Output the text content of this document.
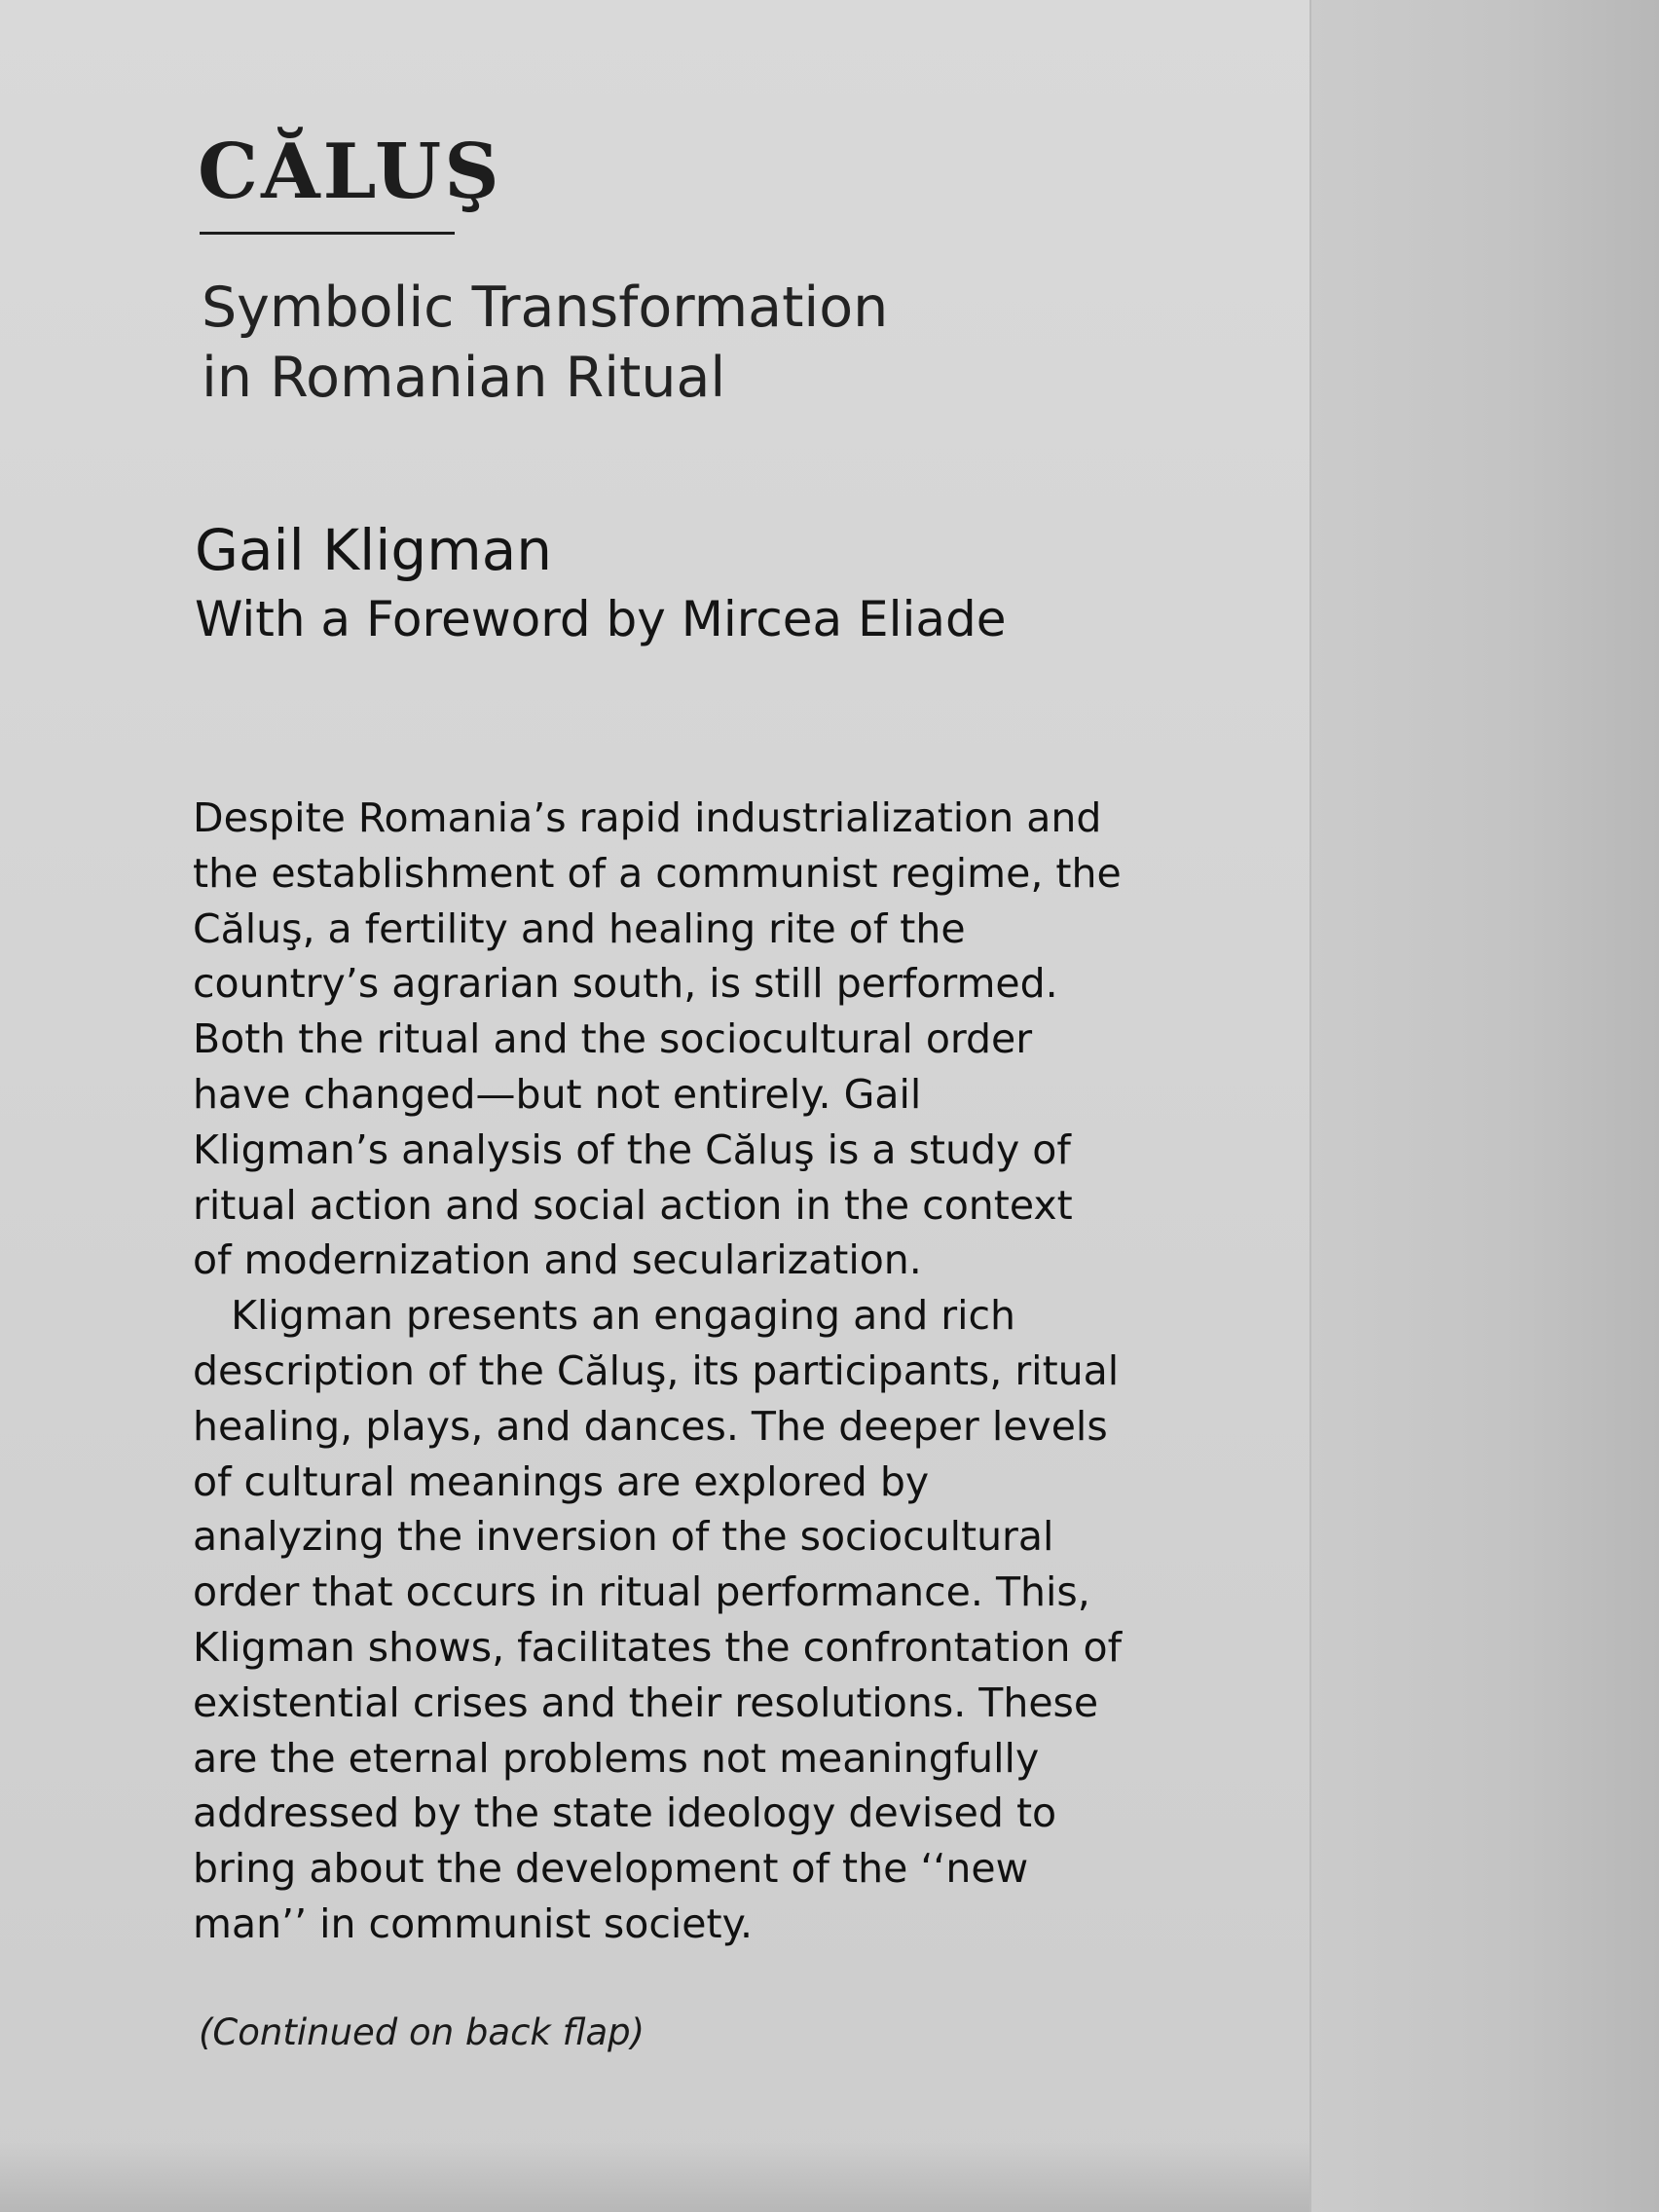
CĂLUŞ
Symbolic Transformation
in Romanian Ritual
Gail Kligman
With a Foreword by Mircea Eliade

Despite Romania’s rapid industrialization and

the establishment of a communist regime, the

Căluş, a fertility and healing rite of the

country’s agrarian south, is still performed.

Both the ritual and the sociocultural order

have changed—but not entirely. Gail

Kligman’s analysis of the Căluş is a study of

ritual action and social action in the context

of modernization and secularization.

Kligman presents an engaging and rich

description of the Căluş, its participants, ritual

healing, plays, and dances. The deeper levels

of cultural meanings are explored by

analyzing the inversion of the sociocultural

order that occurs in ritual performance. This,

Kligman shows, facilitates the confrontation of

existential crises and their resolutions. These

are the eternal problems not meaningfully

addressed by the state ideology devised to

bring about the development of the ‘‘new

man’’ in communist society.

(Continued on back flap)
